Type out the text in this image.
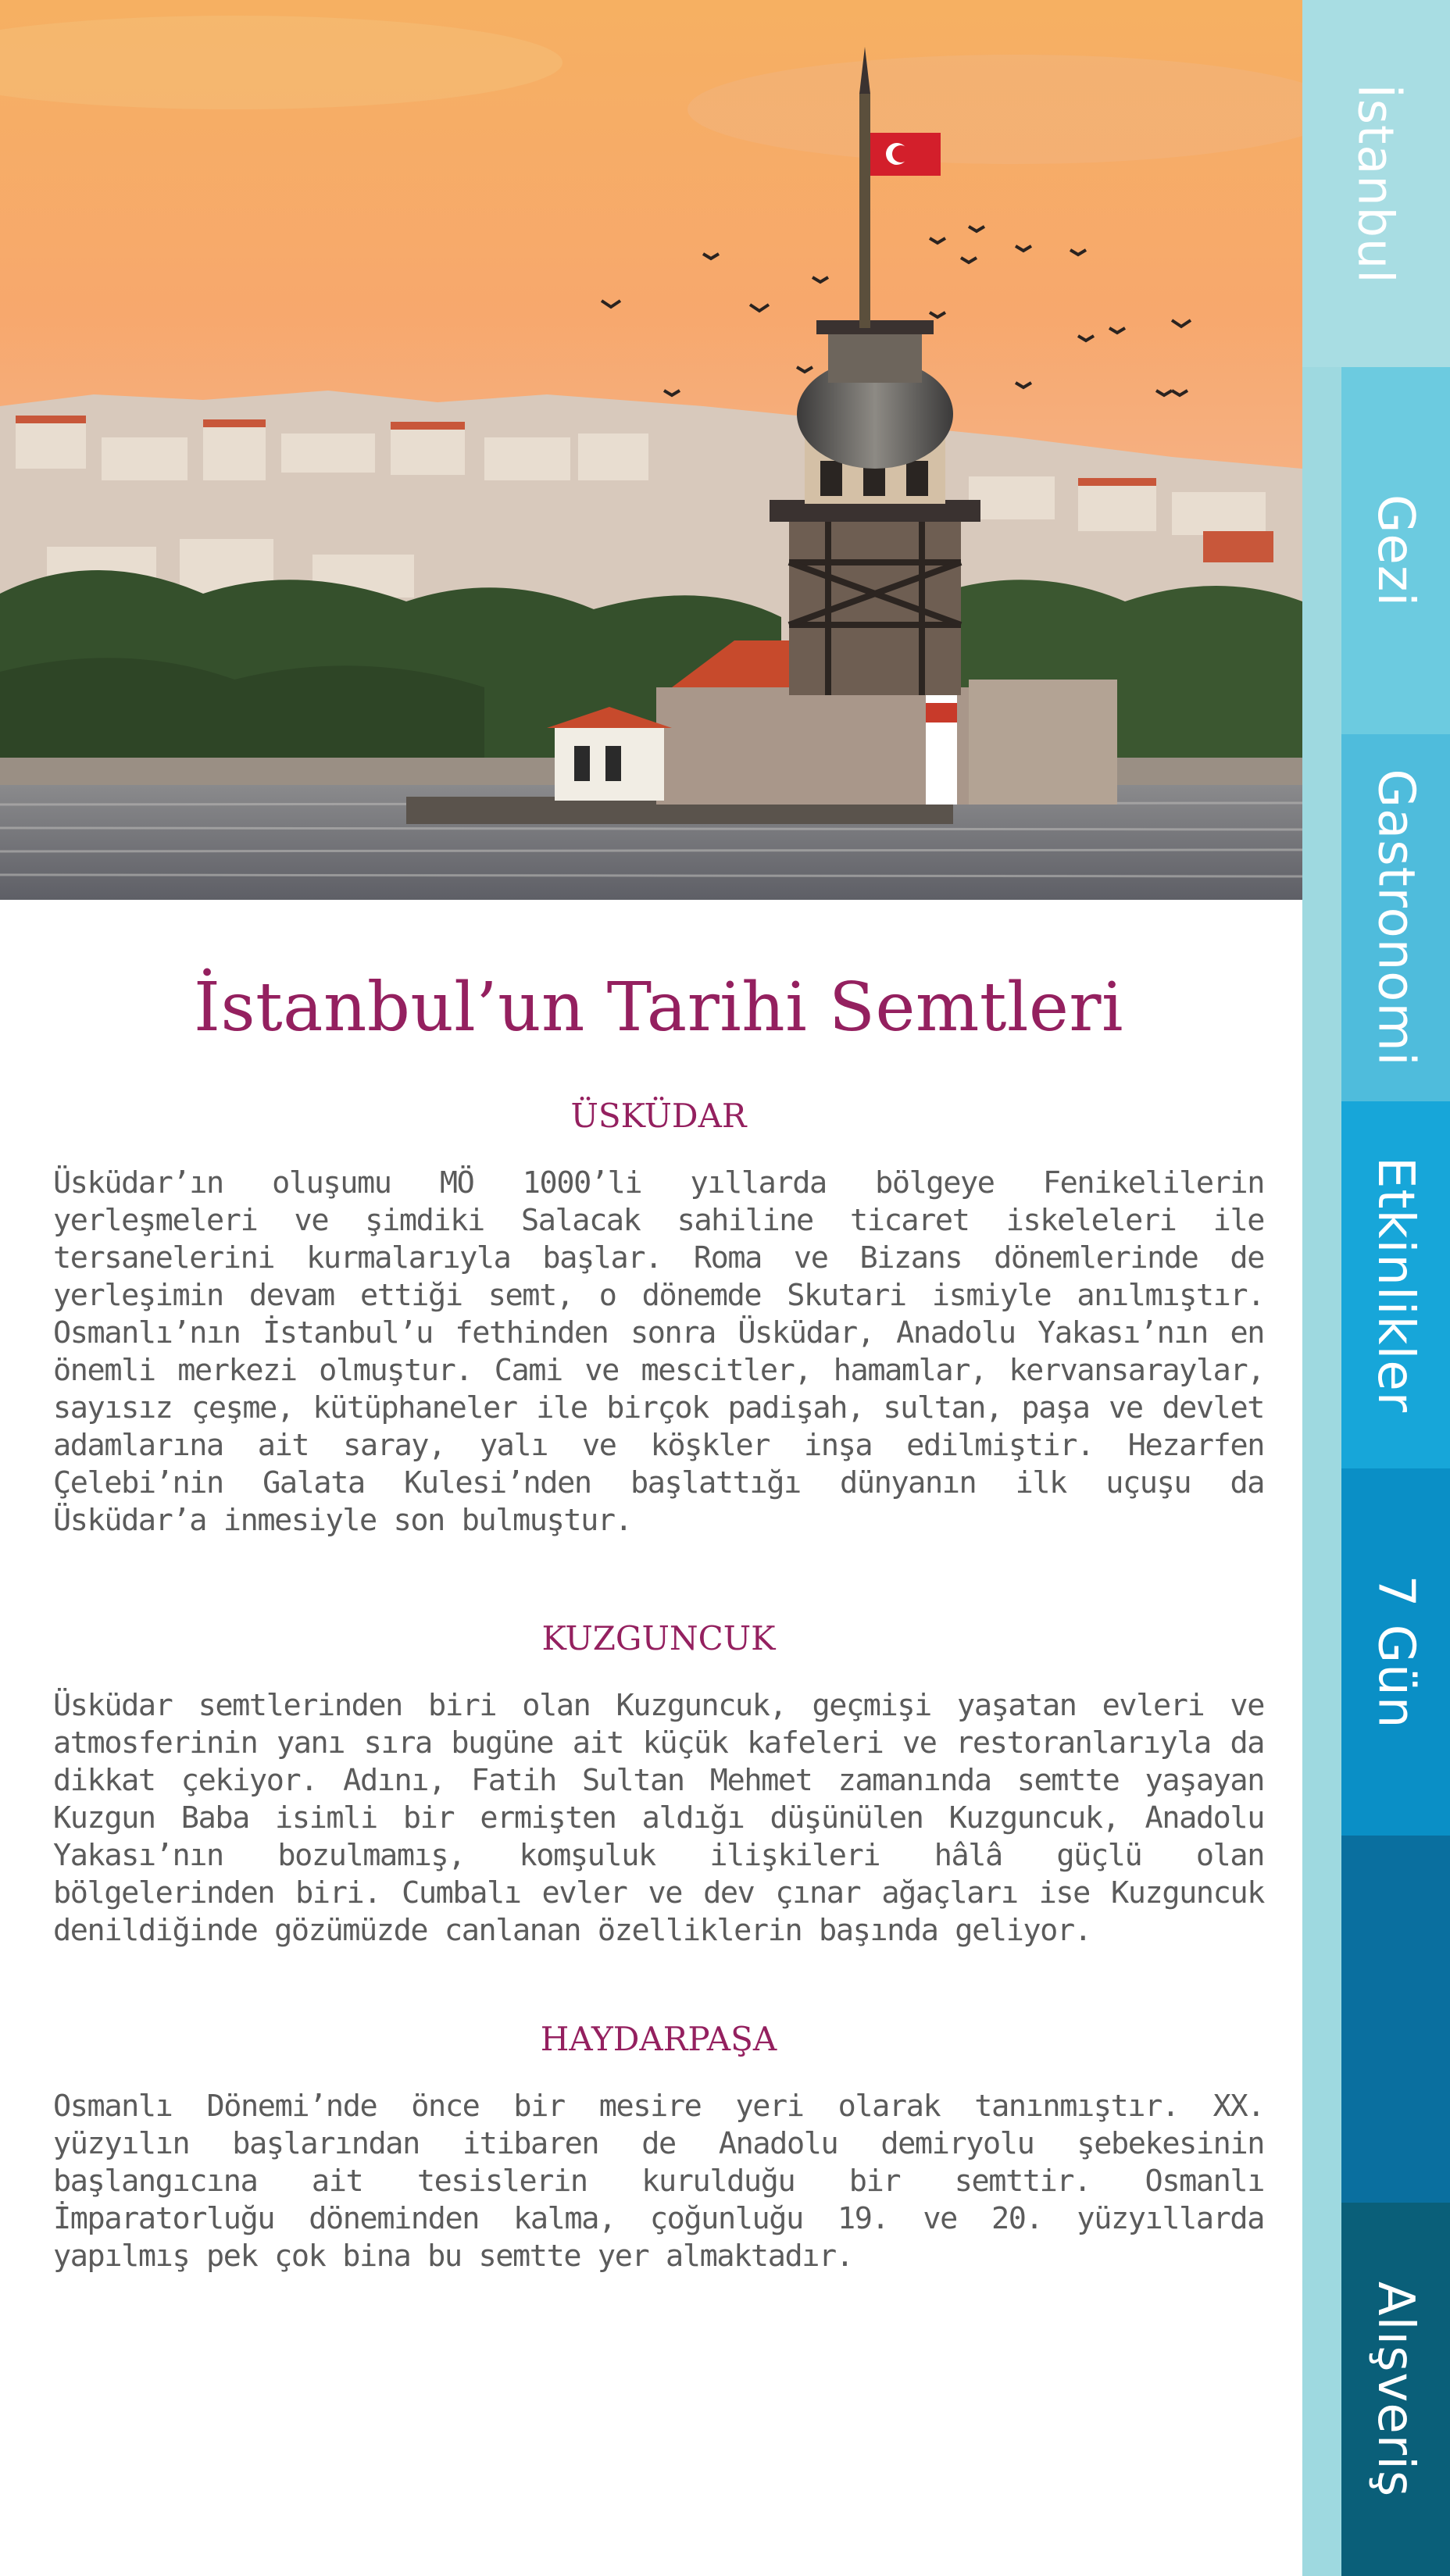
İstanbul
Gezi
Gastronomi
Etkinlikler
7 Gün
Alışveriş
İstanbul’un Tarihi Semtleri
ÜSKÜDAR

Üsküdar’ın oluşumu MÖ 1000’li yıllarda bölgeye Fenikelilerin yerleşmeleri ve şimdiki Salacak sahiline ticaret iskeleleri ile tersanelerini kurmalarıyla başlar. Roma ve Bizans dönemlerinde de yerleşimin devam ettiği semt, o dönemde Skutari ismiyle anılmıştır. Osmanlı’nın İstanbul’u fethinden sonra Üsküdar, Anadolu Yakası’nın en önemli merkezi olmuştur. Cami ve mescitler, hamamlar, kervansaraylar, sayısız çeşme, kütüphaneler ile birçok padişah, sultan, paşa ve devlet adamlarına ait saray, yalı ve köşkler inşa edilmiştir. Hezarfen Çelebi’nin Galata Kulesi’nden başlattığı dünyanın ilk uçuşu da Üsküdar’a inmesiyle son bulmuştur.

KUZGUNCUK

Üsküdar semtlerinden biri olan Kuzguncuk, geçmişi yaşatan evleri ve atmosferinin yanı sıra bugüne ait küçük kafeleri ve restoranlarıyla da dikkat çekiyor. Adını, Fatih Sultan Mehmet zamanında semtte yaşayan Kuzgun Baba isimli bir ermişten aldığı düşünülen Kuzguncuk, Anadolu Yakası’nın bozulmamış, komşuluk ilişkileri hâlâ güçlü olan bölgelerinden biri. Cumbalı evler ve dev çınar ağaçları ise Kuzguncuk denildiğinde gözümüzde canlanan özelliklerin başında geliyor.

HAYDARPAŞA

Osmanlı Dönemi’nde önce bir mesire yeri olarak tanınmıştır. XX. yüzyılın başlarından itibaren de Anadolu demiryolu şebekesinin başlangıcına ait tesislerin kurulduğu bir semttir. Osmanlı İmparatorluğu döneminden kalma, çoğunluğu 19. ve 20. yüzyıllarda yapılmış pek çok bina bu semtte yer almaktadır.
